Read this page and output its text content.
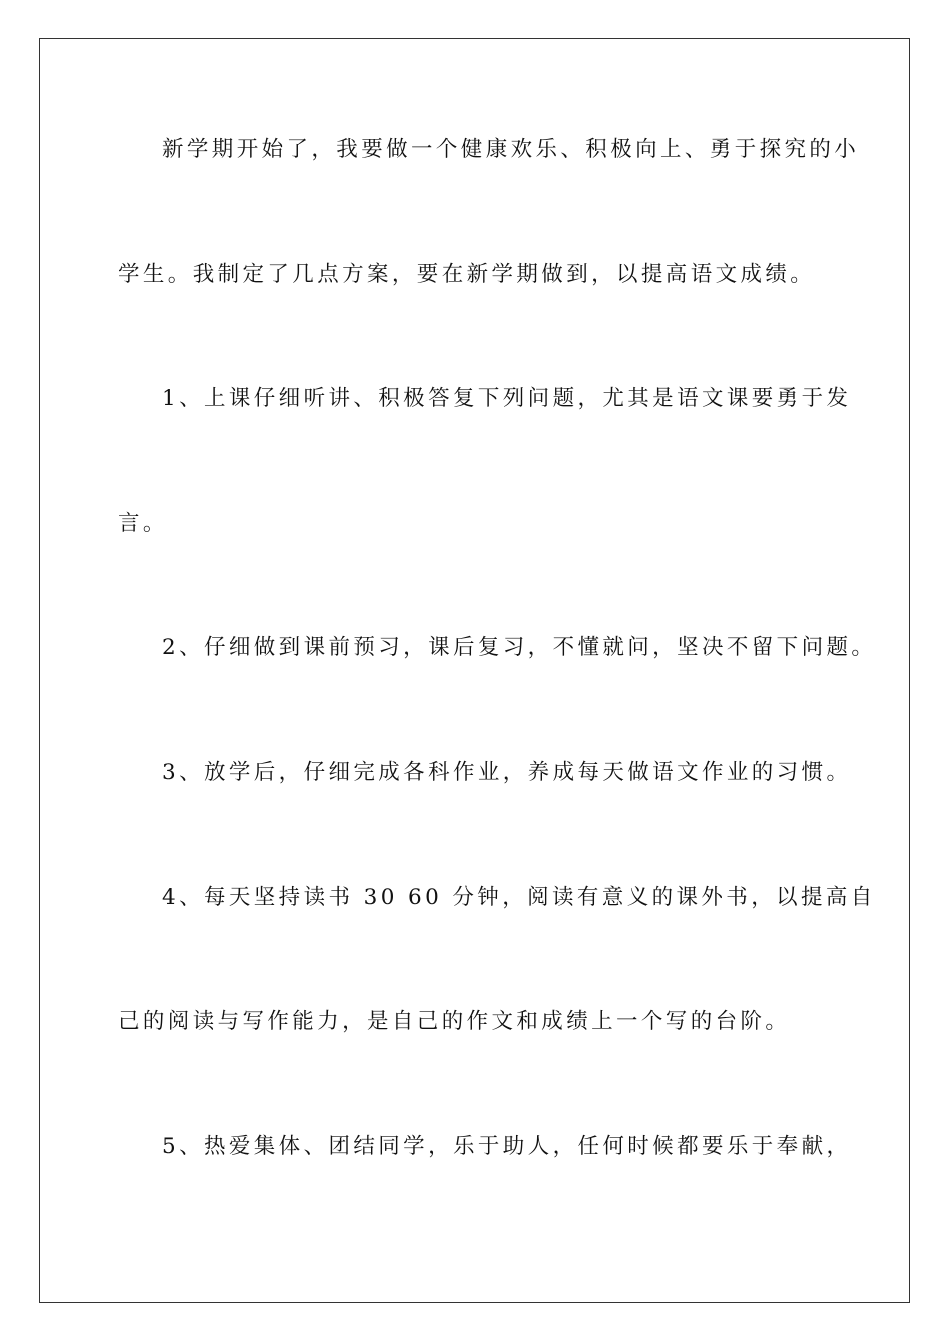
新学期开始了，我要做一个健康欢乐、积极向上、勇于探究的小
学生。我制定了几点方案，要在新学期做到，以提高语文成绩。
1、上课仔细听讲、积极答复下列问题，尤其是语文课要勇于发
言。
2、仔细做到课前预习，课后复习，不懂就问，坚决不留下问题。
3、放学后，仔细完成各科作业，养成每天做语文作业的习惯。
4、每天坚持读书 30 60 分钟，阅读有意义的课外书，以提高自
己的阅读与写作能力，是自己的作文和成绩上一个写的台阶。
5、热爱集体、团结同学，乐于助人，任何时候都要乐于奉献，
